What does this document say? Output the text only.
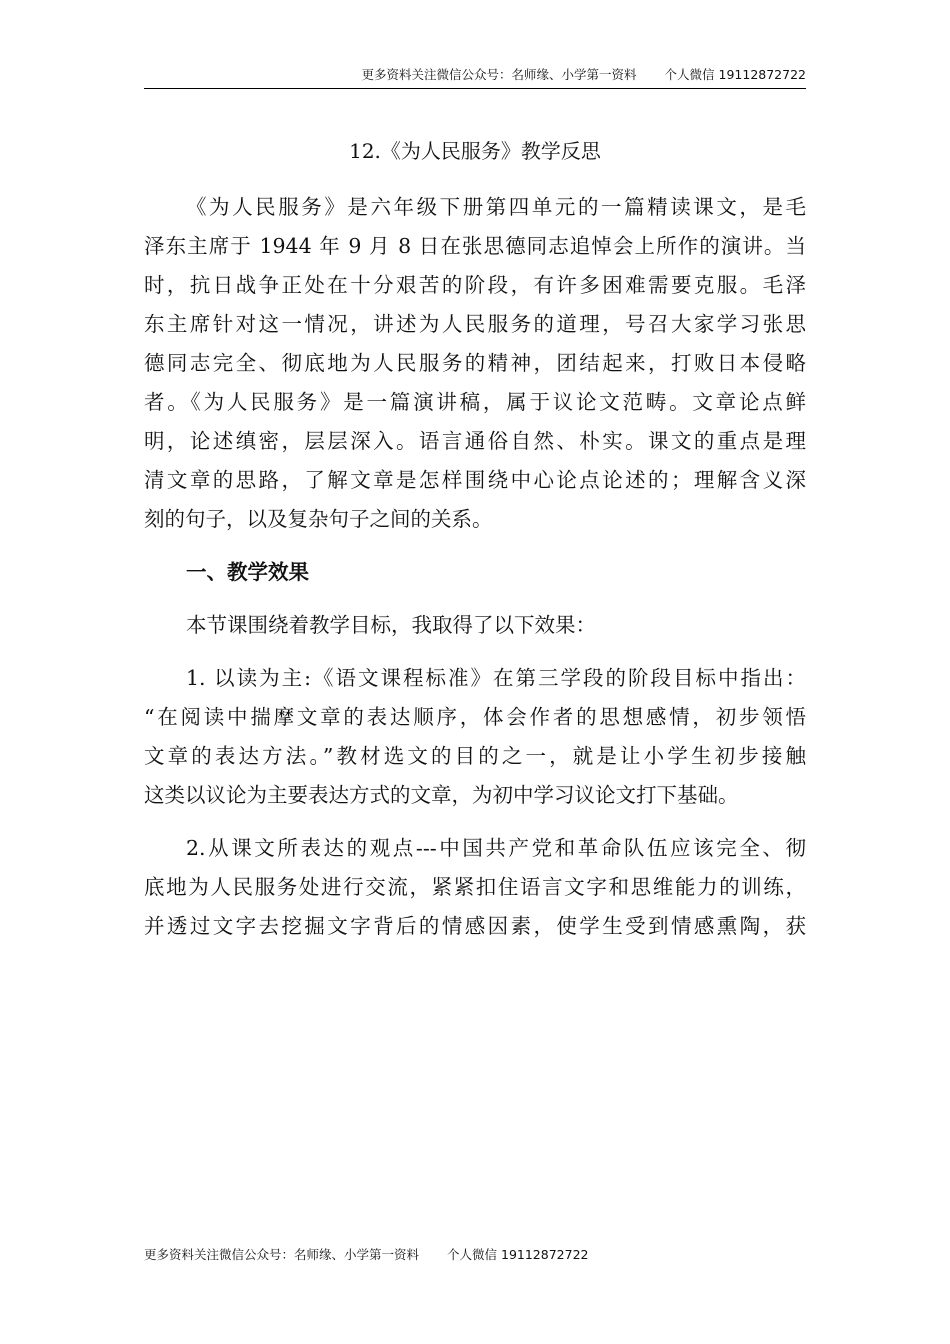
更多资料关注微信公众号：名师缘、小学第一资料 个人微信 19112872722
12.《为人民服务》教学反思
《为人民服务》是六年级下册第四单元的一篇精读课文，是毛
泽东主席于 1944 年 9 月 8 日在张思德同志追悼会上所作的演讲。当
时，抗日战争正处在十分艰苦的阶段，有许多困难需要克服。毛泽
东主席针对这一情况，讲述为人民服务的道理，号召大家学习张思
德同志完全、彻底地为人民服务的精神，团结起来，打败日本侵略
者。《为人民服务》是一篇演讲稿，属于议论文范畴。文章论点鲜
明，论述缜密，层层深入。语言通俗自然、朴实。课文的重点是理
清文章的思路，了解文章是怎样围绕中心论点论述的；理解含义深
刻的句子，以及复杂句子之间的关系。
一、教学效果
本节课围绕着教学目标，我取得了以下效果：
1. 以读为主:《语文课程标准》在第三学段的阶段目标中指出：
“在阅读中揣摩文章的表达顺序，体会作者的思想感情，初步领悟
文章的表达方法。”教材选文的目的之一，就是让小学生初步接触
这类以议论为主要表达方式的文章，为初中学习议论文打下基础。
2.从课文所表达的观点---中国共产党和革命队伍应该完全、彻
底地为人民服务处进行交流，紧紧扣住语言文字和思维能力的训练，
并透过文字去挖掘文字背后的情感因素，使学生受到情感熏陶，获
更多资料关注微信公众号：名师缘、小学第一资料 个人微信 19112872722
